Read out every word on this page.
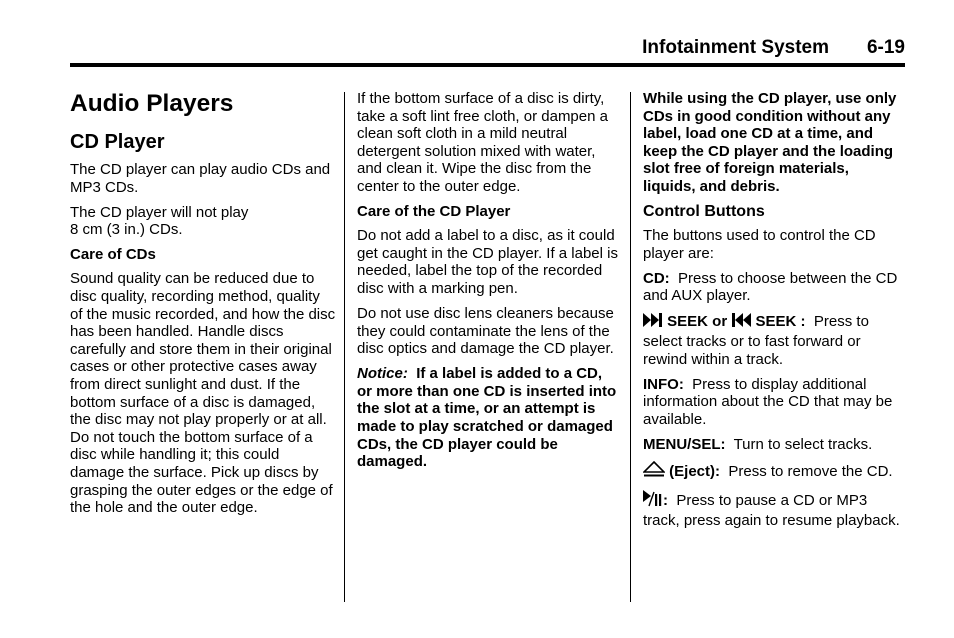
Infotainment System 6-19
Audio Players
CD Player

The CD player can play audio CDs and MP3 CDs.

The CD player will not play
8 cm (3 in.) CDs.

Care of CDs

Sound quality can be reduced due to disc quality, recording method, quality of the music recorded, and how the disc has been handled. Handle discs carefully and store them in their original cases or other protective cases away from direct sunlight and dust. If the bottom surface of a disc is damaged, the disc may not play properly or at all. Do not touch the bottom surface of a disc while handling it; this could damage the surface. Pick up discs by grasping the outer edges or the edge of the hole and the outer edge.

If the bottom surface of a disc is dirty, take a soft lint free cloth, or dampen a clean soft cloth in a mild neutral detergent solution mixed with water, and clean it. Wipe the disc from the center to the outer edge.

Care of the CD Player

Do not add a label to a disc, as it could get caught in the CD player. If a label is needed, label the top of the recorded disc with a marking pen.

Do not use disc lens cleaners because they could contaminate the lens of the disc optics and damage the CD player.

Notice: If a label is added to a CD, or more than one CD is inserted into the slot at a time, or an attempt is made to play scratched or damaged CDs, the CD player could be damaged.

While using the CD player, use only CDs in good condition without any label, load one CD at a time, and keep the CD player and the loading slot free of foreign materials, liquids, and debris.

Control Buttons

The buttons used to control the CD player are:

CD: Press to choose between the CD and AUX player.

SEEK or SEEK : Press to select tracks or to fast forward or rewind within a track.

INFO: Press to display additional information about the CD that may be available.

MENU/SEL: Turn to select tracks.

(Eject): Press to remove the CD.

: Press to pause a CD or MP3 track, press again to resume playback.
